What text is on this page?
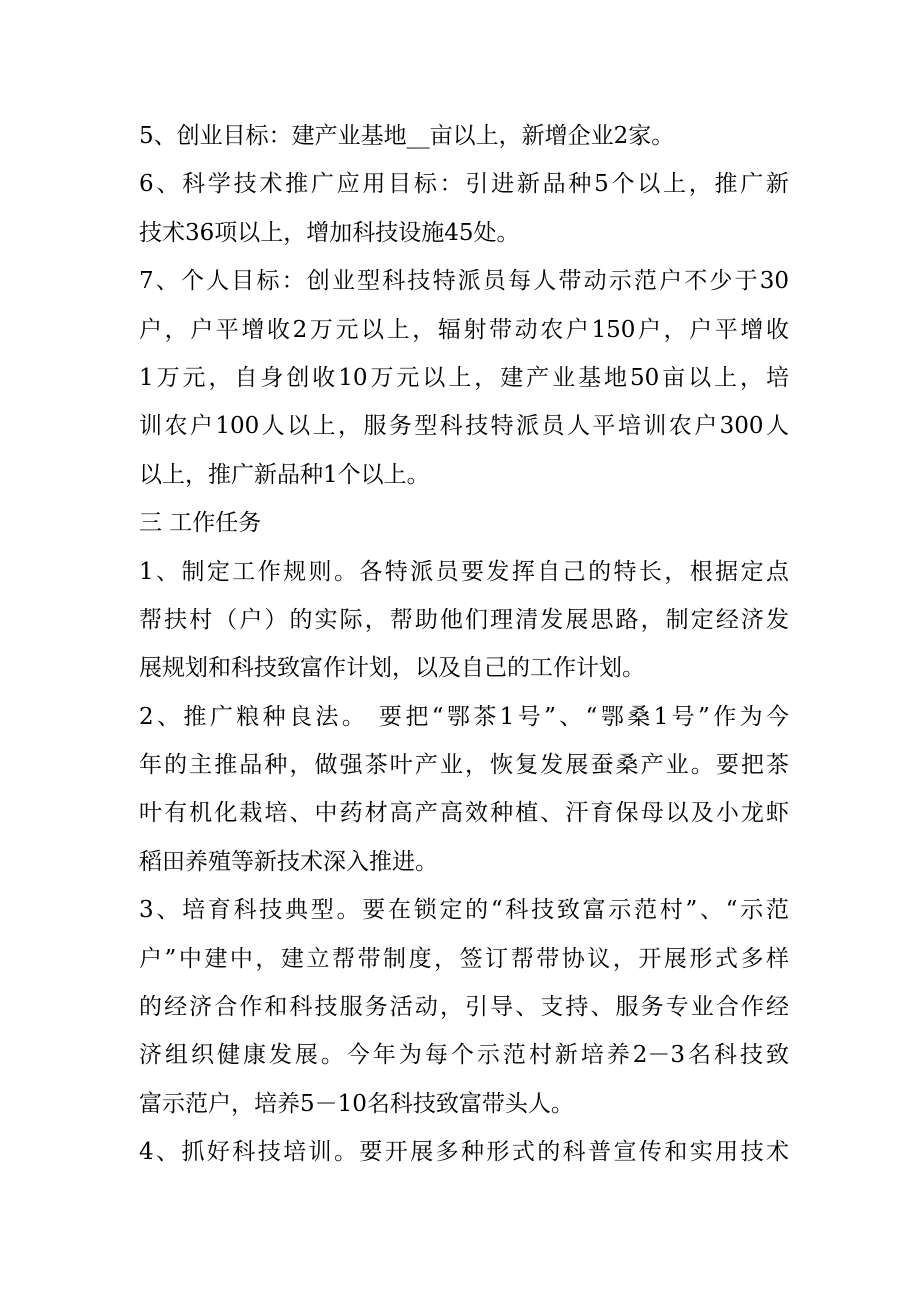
5、创业目标：建产业基地__亩以上，新增企业2家。
6、科学技术推广应用目标：引进新品种5个以上，推广新
技术36项以上，增加科技设施45处。
7、个人目标：创业型科技特派员每人带动示范户不少于30
户，户平增收2万元以上，辐射带动农户150户，户平增收
1万元，自身创收10万元以上，建产业基地50亩以上，培
训农户100人以上，服务型科技特派员人平培训农户300人
以上，推广新品种1个以上。
三 工作任务
1、制定工作规则。各特派员要发挥自己的特长，根据定点
帮扶村（户）的实际，帮助他们理清发展思路，制定经济发
展规划和科技致富作计划，以及自己的工作计划。
2、推广粮种良法。 要把“鄂茶1号”、“鄂桑1号”作为今
年的主推品种，做强茶叶产业，恢复发展蚕桑产业。要把茶
叶有机化栽培、中药材高产高效种植、汗育保母以及小龙虾
稻田养殖等新技术深入推进。
3、培育科技典型。要在锁定的“科技致富示范村”、“示范
户”中建中，建立帮带制度，签订帮带协议，开展形式多样
的经济合作和科技服务活动，引导、支持、服务专业合作经
济组织健康发展。今年为每个示范村新培养2－3名科技致
富示范户，培养5－10名科技致富带头人。
4、抓好科技培训。要开展多种形式的科普宣传和实用技术
